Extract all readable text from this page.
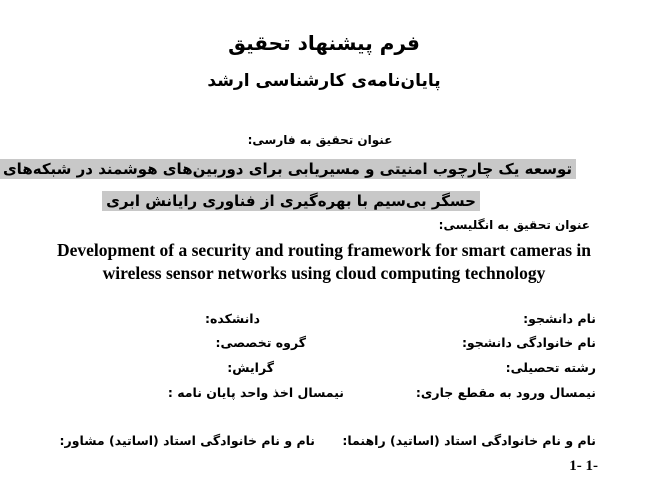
فرم پیشنهاد تحقیق
پایان‌نامه‌ی کارشناسی ارشد
عنوان تحقیق به فارسی:
توسعه یک چارچوب امنیتی و مسیریابی برای دوربین‌های هوشمند در شبکه‌های
حسگر بی‌سیم با بهره‌گیری از فناوری رایانش ابری
عنوان تحقیق به انگلیسی:
Development of a security and routing framework for smart cameras in
wireless sensor networks using cloud computing technology
نام دانشجو:
دانشکده:
نام خانوادگی دانشجو:
گروه تخصصی:
رشته تحصیلی:
گرایش:
نیمسال ورود به مقطع جاری:
نیمسال اخذ واحد پایان نامه :
نام و نام خانوادگی استاد (اساتید) راهنما:
نام و نام خانوادگی استاد (اساتید) مشاور:
1- 1-
